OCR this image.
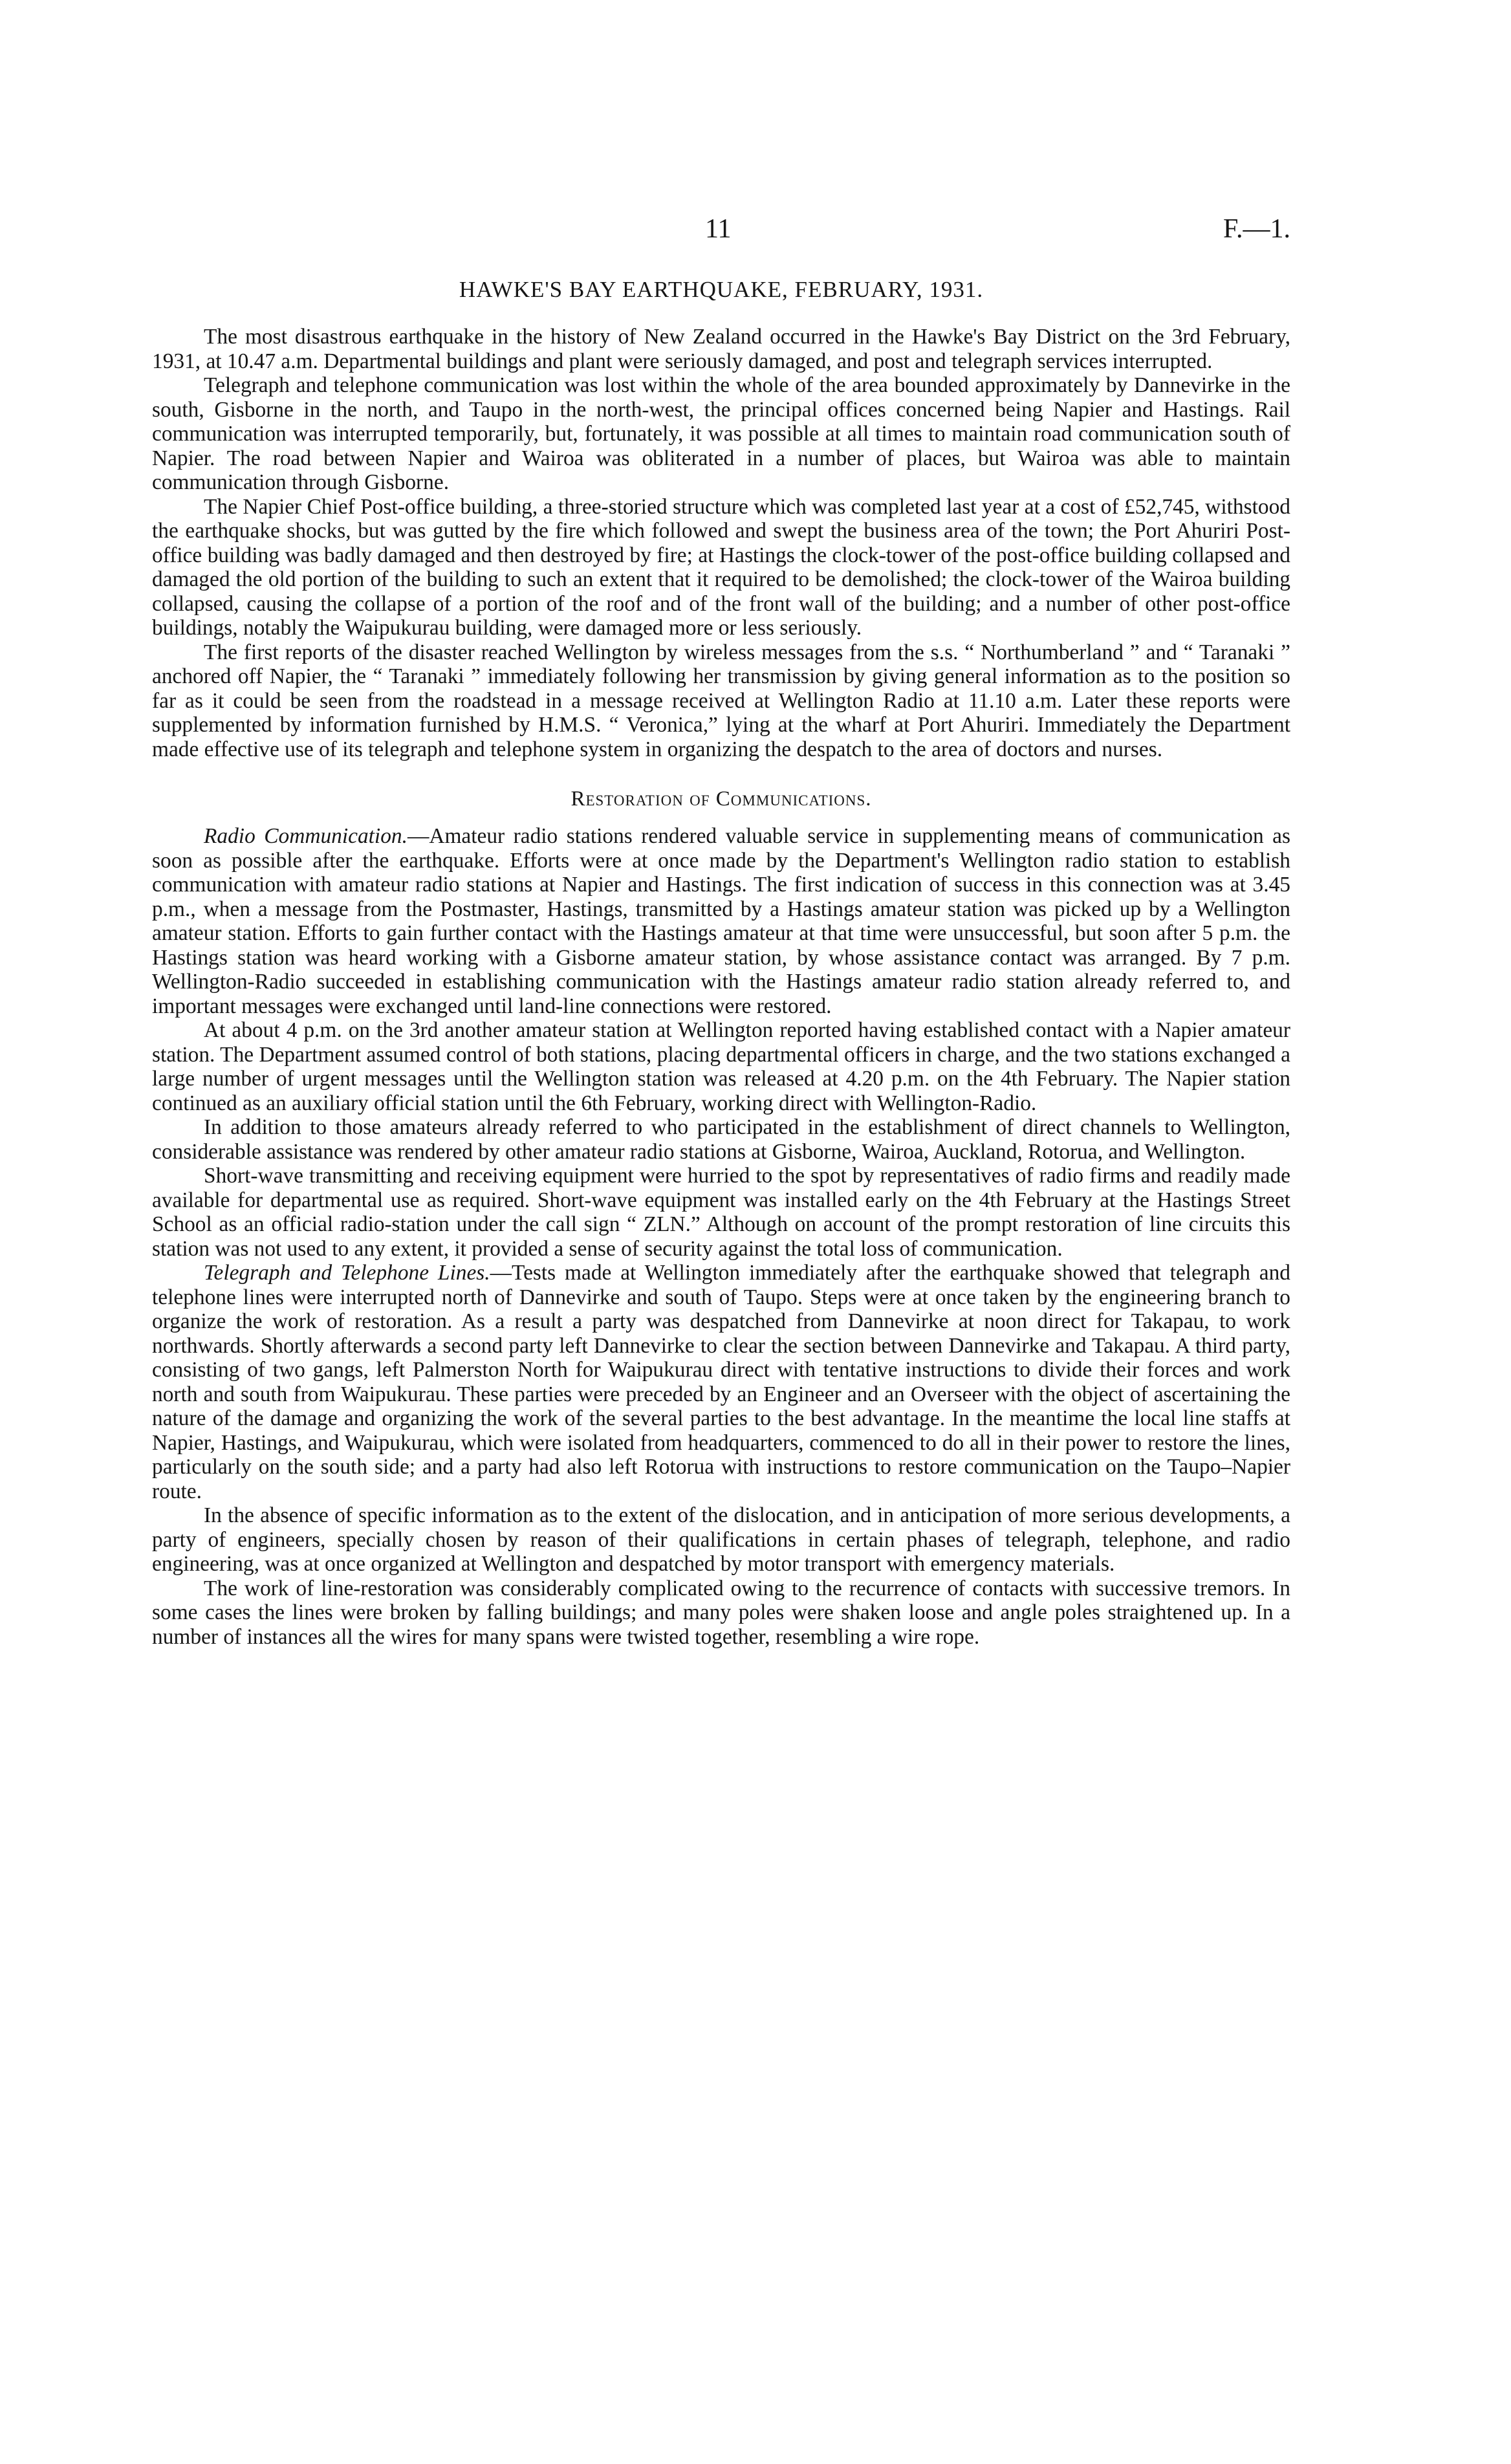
11	F.—1.
HAWKE'S BAY EARTHQUAKE, FEBRUARY, 1931.

The most disastrous earthquake in the history of New Zealand occurred in the Hawke's Bay District on the 3rd February, 1931, at 10.47 a.m. Departmental buildings and plant were seriously damaged, and post and telegraph services interrupted.

Telegraph and telephone communication was lost within the whole of the area bounded approximately by Dannevirke in the south, Gisborne in the north, and Taupo in the north-west, the principal offices concerned being Napier and Hastings. Rail communication was interrupted temporarily, but, fortunately, it was possible at all times to maintain road communication south of Napier. The road between Napier and Wairoa was obliterated in a number of places, but Wairoa was able to maintain communication through Gisborne.

The Napier Chief Post-office building, a three-storied structure which was completed last year at a cost of £52,745, withstood the earthquake shocks, but was gutted by the fire which followed and swept the business area of the town; the Port Ahuriri Post-office building was badly damaged and then destroyed by fire; at Hastings the clock-tower of the post-office building collapsed and damaged the old portion of the building to such an extent that it required to be demolished; the clock-tower of the Wairoa building collapsed, causing the collapse of a portion of the roof and of the front wall of the building; and a number of other post-office buildings, notably the Waipukurau building, were damaged more or less seriously.

The first reports of the disaster reached Wellington by wireless messages from the s.s. “ Northumberland ” and “ Taranaki ” anchored off Napier, the “ Taranaki ” immediately following her transmission by giving general information as to the position so far as it could be seen from the roadstead in a message received at Wellington Radio at 11.10 a.m. Later these reports were supplemented by information furnished by H.M.S. “ Veronica,” lying at the wharf at Port Ahuriri. Immediately the Department made effective use of its telegraph and telephone system in organizing the despatch to the area of doctors and nurses.

Restoration of Communications.

Radio Communication.—Amateur radio stations rendered valuable service in supplementing means of communication as soon as possible after the earthquake. Efforts were at once made by the Department's Wellington radio station to establish communication with amateur radio stations at Napier and Hastings. The first indication of success in this connection was at 3.45 p.m., when a message from the Postmaster, Hastings, transmitted by a Hastings amateur station was picked up by a Wellington amateur station. Efforts to gain further contact with the Hastings amateur at that time were unsuccessful, but soon after 5 p.m. the Hastings station was heard working with a Gisborne amateur station, by whose assistance contact was arranged. By 7 p.m. Wellington-Radio succeeded in establishing communication with the Hastings amateur radio station already referred to, and important messages were exchanged until land-line connections were restored.

At about 4 p.m. on the 3rd another amateur station at Wellington reported having established contact with a Napier amateur station. The Department assumed control of both stations, placing departmental officers in charge, and the two stations exchanged a large number of urgent messages until the Wellington station was released at 4.20 p.m. on the 4th February. The Napier station continued as an auxiliary official station until the 6th February, working direct with Wellington-Radio.

In addition to those amateurs already referred to who participated in the establishment of direct channels to Wellington, considerable assistance was rendered by other amateur radio stations at Gisborne, Wairoa, Auckland, Rotorua, and Wellington.

Short-wave transmitting and receiving equipment were hurried to the spot by representatives of radio firms and readily made available for departmental use as required. Short-wave equipment was installed early on the 4th February at the Hastings Street School as an official radio-station under the call sign “ ZLN.” Although on account of the prompt restoration of line circuits this station was not used to any extent, it provided a sense of security against the total loss of communication.

Telegraph and Telephone Lines.—Tests made at Wellington immediately after the earthquake showed that telegraph and telephone lines were interrupted north of Dannevirke and south of Taupo. Steps were at once taken by the engineering branch to organize the work of restoration. As a result a party was despatched from Dannevirke at noon direct for Takapau, to work northwards. Shortly afterwards a second party left Dannevirke to clear the section between Dannevirke and Takapau. A third party, consisting of two gangs, left Palmerston North for Waipukurau direct with tentative instructions to divide their forces and work north and south from Waipukurau. These parties were preceded by an Engineer and an Overseer with the object of ascertaining the nature of the damage and organizing the work of the several parties to the best advantage. In the meantime the local line staffs at Napier, Hastings, and Waipukurau, which were isolated from headquarters, commenced to do all in their power to restore the lines, particularly on the south side; and a party had also left Rotorua with instructions to restore communication on the Taupo–Napier route.

In the absence of specific information as to the extent of the dislocation, and in anticipation of more serious developments, a party of engineers, specially chosen by reason of their qualifications in certain phases of telegraph, telephone, and radio engineering, was at once organized at Wellington and despatched by motor transport with emergency materials.

The work of line-restoration was considerably complicated owing to the recurrence of contacts with successive tremors. In some cases the lines were broken by falling buildings; and many poles were shaken loose and angle poles straightened up. In a number of instances all the wires for many spans were twisted together, resembling a wire rope.
